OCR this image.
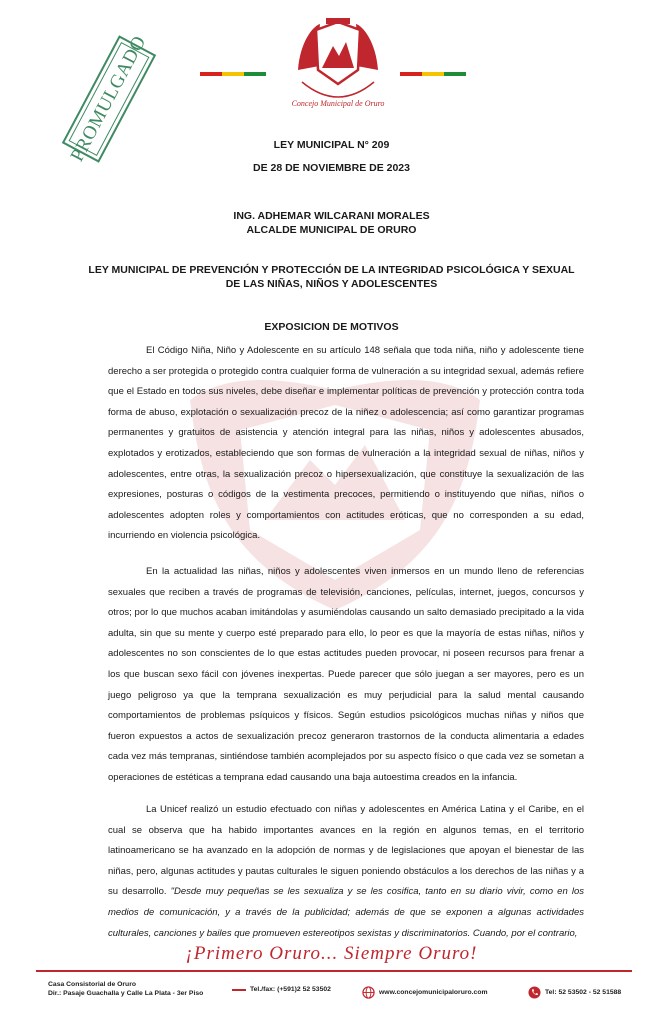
Concejo Municipal de Oruro
PROMULGADO	LEY MUNICIPAL N° 209
DE 28 DE NOVIEMBRE DE 2023
ING. ADHEMAR WILCARANI MORALES
ALCALDE MUNICIPAL DE ORURO
LEY MUNICIPAL DE PREVENCIÓN Y PROTECCIÓN DE LA INTEGRIDAD PSICOLÓGICA Y SEXUAL
DE LAS NIÑAS, NIÑOS Y ADOLESCENTES
EXPOSICION DE MOTIVOS

El Código Niña, Niño y Adolescente en su artículo 148 señala que toda niña, niño y adolescente tiene derecho a ser protegida o protegido contra cualquier forma de vulneración a su integridad sexual, además refiere que el Estado en todos sus niveles, debe diseñar e implementar políticas de prevención y protección contra toda forma de abuso, explotación o sexualización precoz de la niñez o adolescencia; así como garantizar programas permanentes y gratuitos de asistencia y atención integral para las niñas, niños y adolescentes abusados, explotados y erotizados, estableciendo que son formas de vulneración a la integridad sexual de niñas, niños y adolescentes, entre otras, la sexualización precoz o hipersexualización, que constituye la sexualización de las expresiones, posturas o códigos de la vestimenta precoces, permitiendo o instituyendo que niñas, niños o adolescentes adopten roles y comportamientos con actitudes eróticas, que no corresponden a su edad, incurriendo en violencia psicológica.

En la actualidad las niñas, niños y adolescentes viven inmersos en un mundo lleno de referencias sexuales que reciben a través de programas de televisión, canciones, películas, internet, juegos, concursos y otros; por lo que muchos acaban imitándolas y asumiéndolas causando un salto demasiado precipitado a la vida adulta, sin que su mente y cuerpo esté preparado para ello, lo peor es que la mayoría de estas niñas, niños y adolescentes no son conscientes de lo que estas actitudes pueden provocar, ni poseen recursos para frenar a los que buscan sexo fácil con jóvenes inexpertas. Puede parecer que sólo juegan a ser mayores, pero es un juego peligroso ya que la temprana sexualización es muy perjudicial para la salud mental causando comportamientos de problemas psíquicos y físicos. Según estudios psicológicos muchas niñas y niños que fueron expuestos a actos de sexualización precoz generaron trastornos de la conducta alimentaria a edades cada vez más tempranas, sintiéndose también acomplejados por su aspecto físico o que cada vez se sometan a operaciones de estéticas a temprana edad causando una baja autoestima creados en la infancia.

La Unicef realizó un estudio efectuado con niñas y adolescentes en América Latina y el Caribe, en el cual se observa que ha habido importantes avances en la región en algunos temas, en el territorio latinoamericano se ha avanzado en la adopción de normas y de legislaciones que apoyan el bienestar de las niñas, pero, algunas actitudes y pautas culturales le siguen poniendo obstáculos a los derechos de las niñas y a su desarrollo. "Desde muy pequeñas se les sexualiza y se les cosifica, tanto en su diario vivir, como en los medios de comunicación, y a través de la publicidad; además de que se exponen a algunas actividades culturales, canciones y bailes que promueven estereotipos sexistas y discriminatorios. Cuando, por el contrario,

¡Primero Oruro... Siempre Oruro!
Casa Consistorial de Oruro
Dir.: Pasaje Guachalla y Calle La Plata - 3er Piso
Tel./fax: (+591)2 52 53502	www.concejomunicipaloruro.com	Tel: 52 53502 - 52 51588
